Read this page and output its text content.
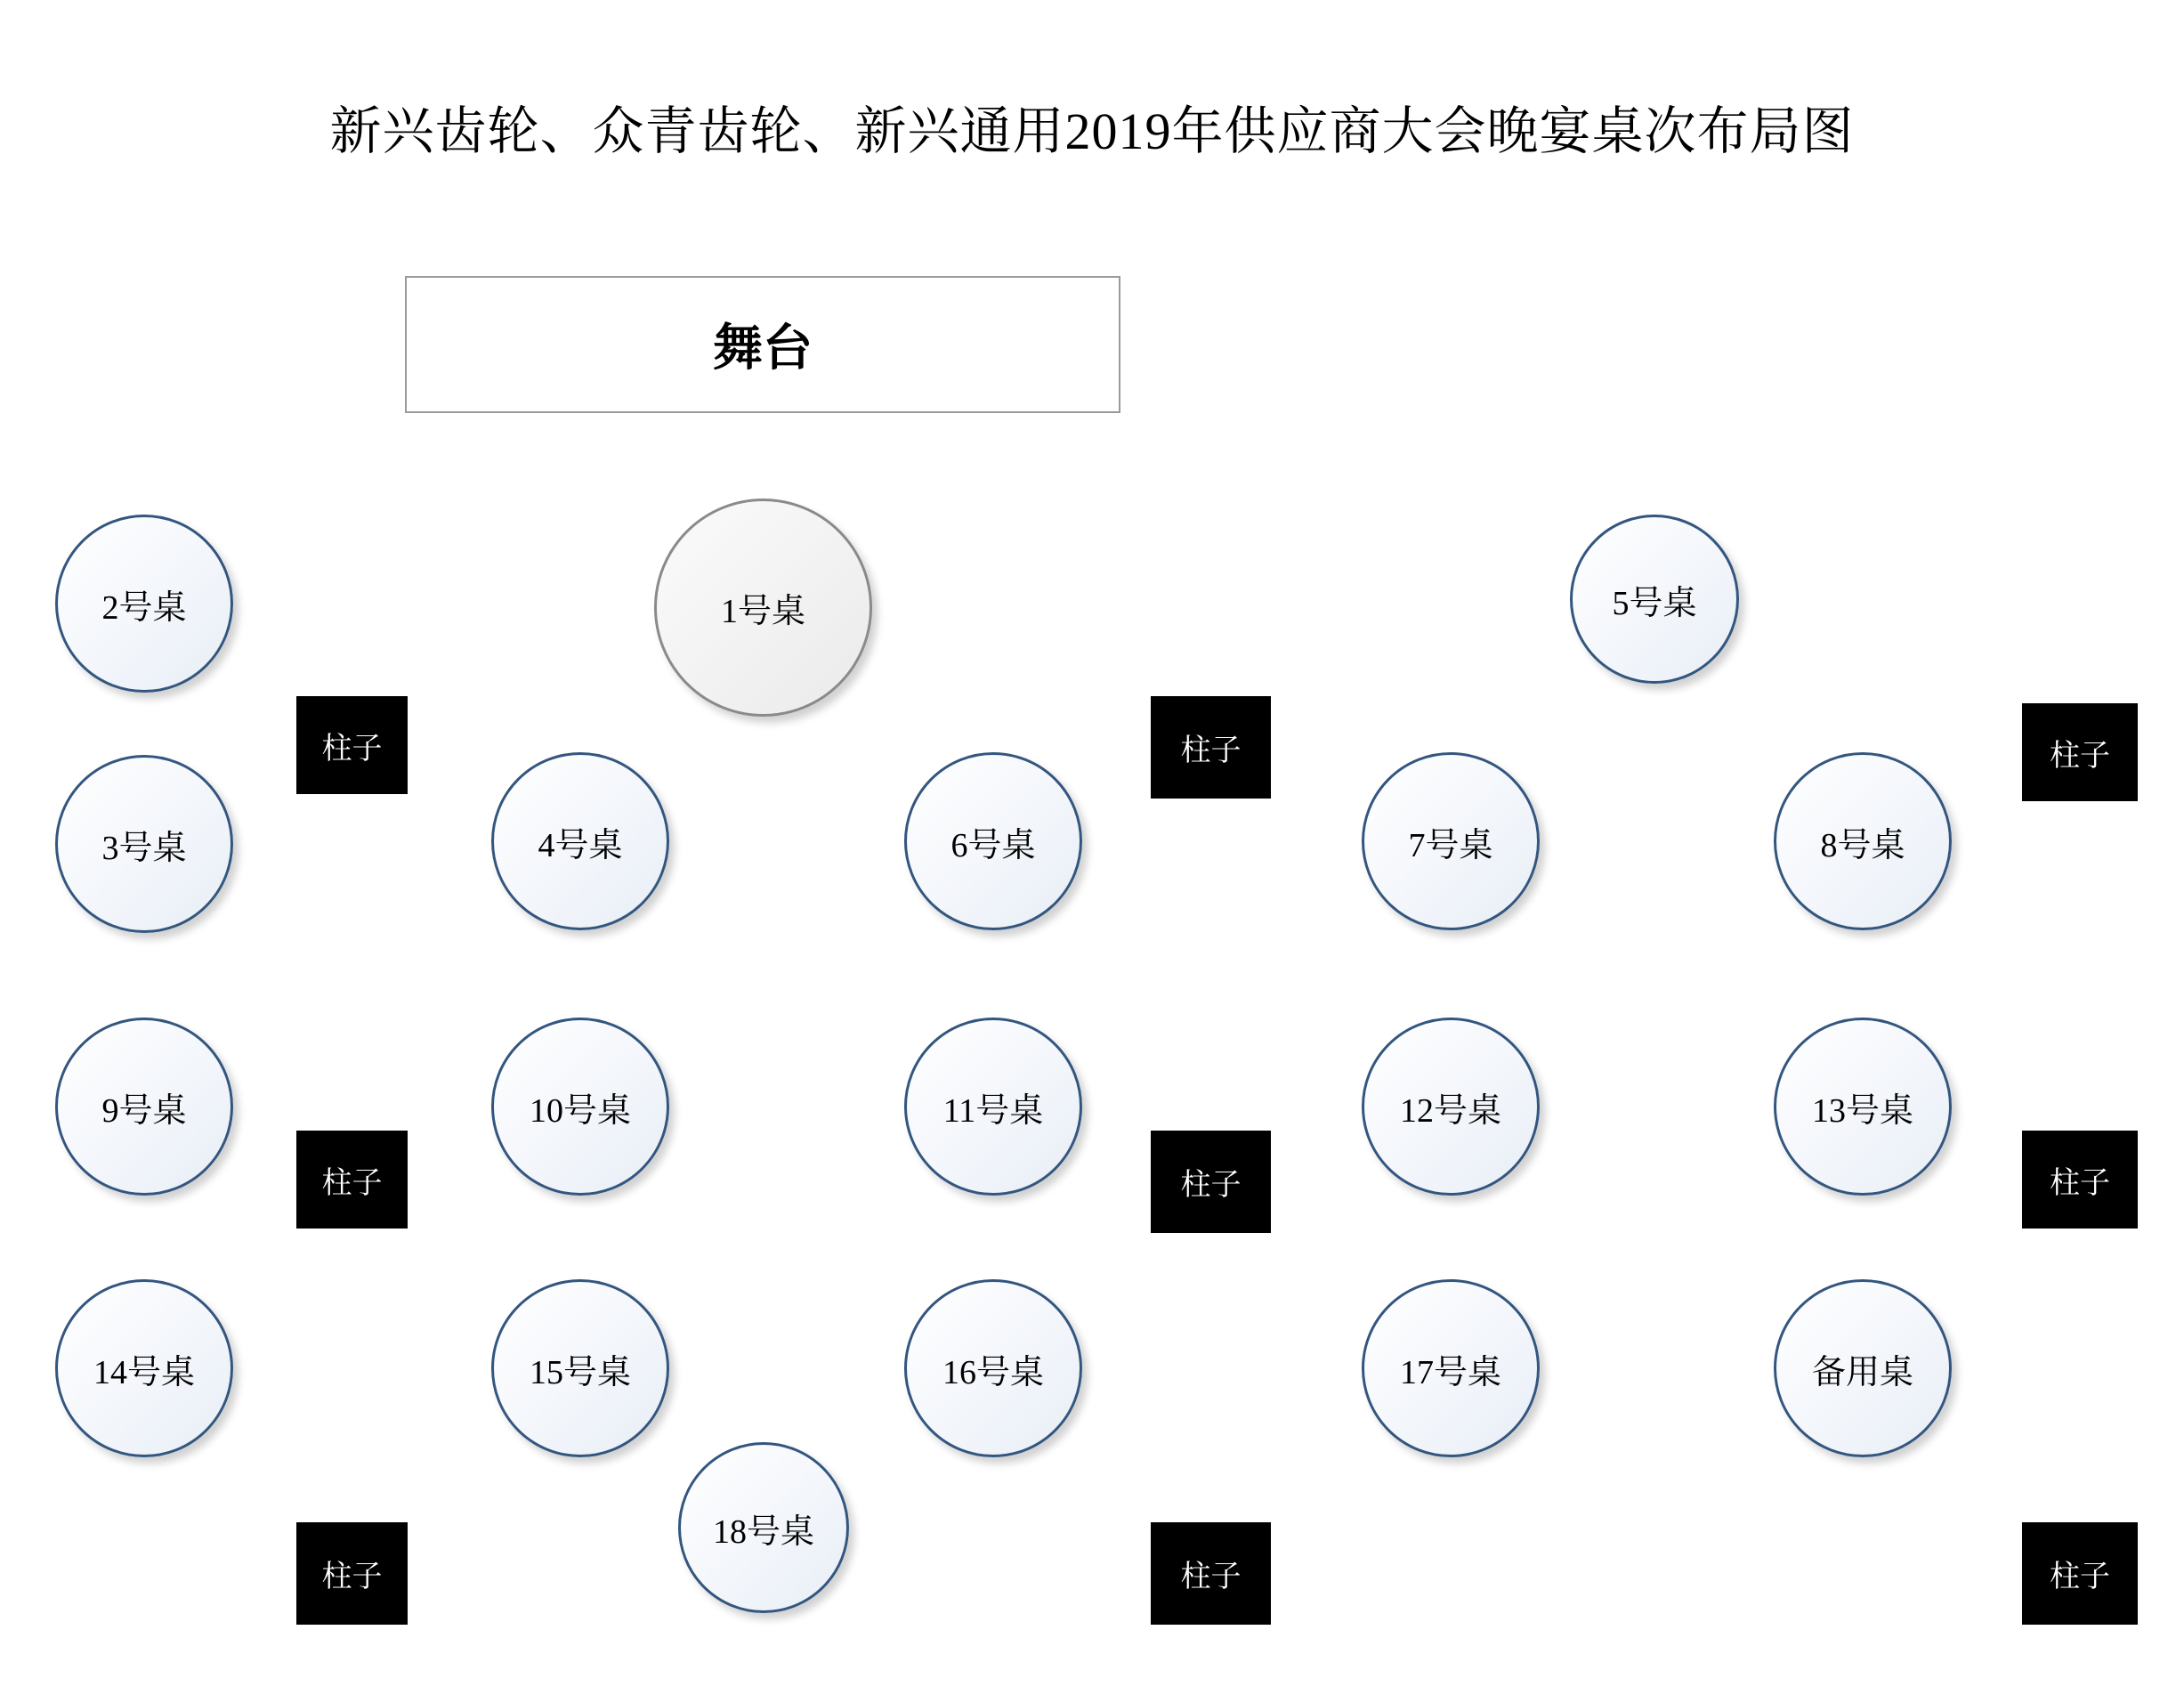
新兴齿轮、众青齿轮、新兴通用2019年供应商大会晚宴桌次布局图
舞台
2号桌	1号桌	5号桌
3号桌	4号桌	6号桌	7号桌	8号桌
9号桌	10号桌	11号桌	12号桌	13号桌
14号桌	15号桌	16号桌	17号桌	备用桌
18号桌
柱子	柱子	柱子
柱子	柱子	柱子
柱子	柱子	柱子
